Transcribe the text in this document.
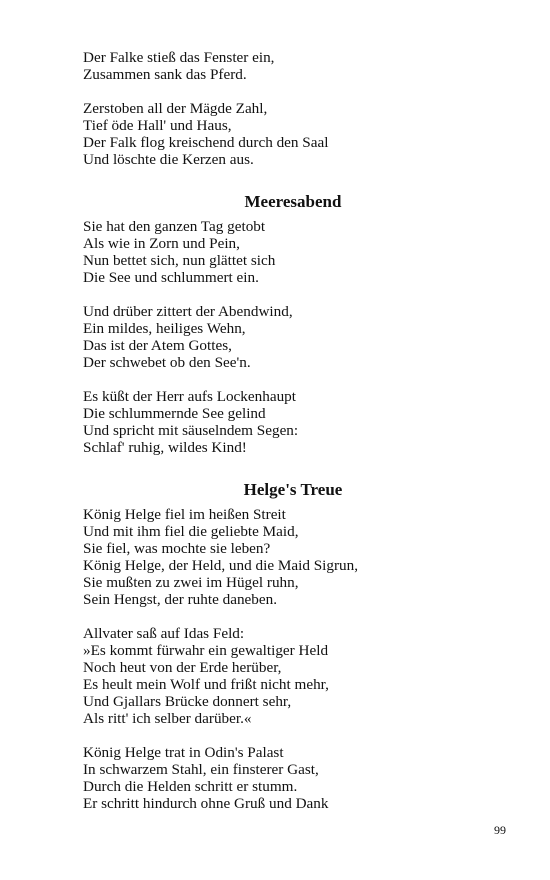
Der Falke stieß das Fenster ein,
Zusammen sank das Pferd.
Zerstoben all der Mägde Zahl,
Tief öde Hall' und Haus,
Der Falk flog kreischend durch den Saal
Und löschte die Kerzen aus.
Meeresabend
Sie hat den ganzen Tag getobt
Als wie in Zorn und Pein,
Nun bettet sich, nun glättet sich
Die See und schlummert ein.
Und drüber zittert der Abendwind,
Ein mildes, heiliges Wehn,
Das ist der Atem Gottes,
Der schwebet ob den See'n.
Es küßt der Herr aufs Lockenhaupt
Die schlummernde See gelind
Und spricht mit säuselndem Segen:
Schlaf' ruhig, wildes Kind!
Helge's Treue
König Helge fiel im heißen Streit
Und mit ihm fiel die geliebte Maid,
Sie fiel, was mochte sie leben?
König Helge, der Held, und die Maid Sigrun,
Sie mußten zu zwei im Hügel ruhn,
Sein Hengst, der ruhte daneben.
Allvater saß auf Idas Feld:
»Es kommt fürwahr ein gewaltiger Held
Noch heut von der Erde herüber,
Es heult mein Wolf und frißt nicht mehr,
Und Gjallars Brücke donnert sehr,
Als ritt' ich selber darüber.«
König Helge trat in Odin's Palast
In schwarzem Stahl, ein finsterer Gast,
Durch die Helden schritt er stumm.
Er schritt hindurch ohne Gruß und Dank
99
